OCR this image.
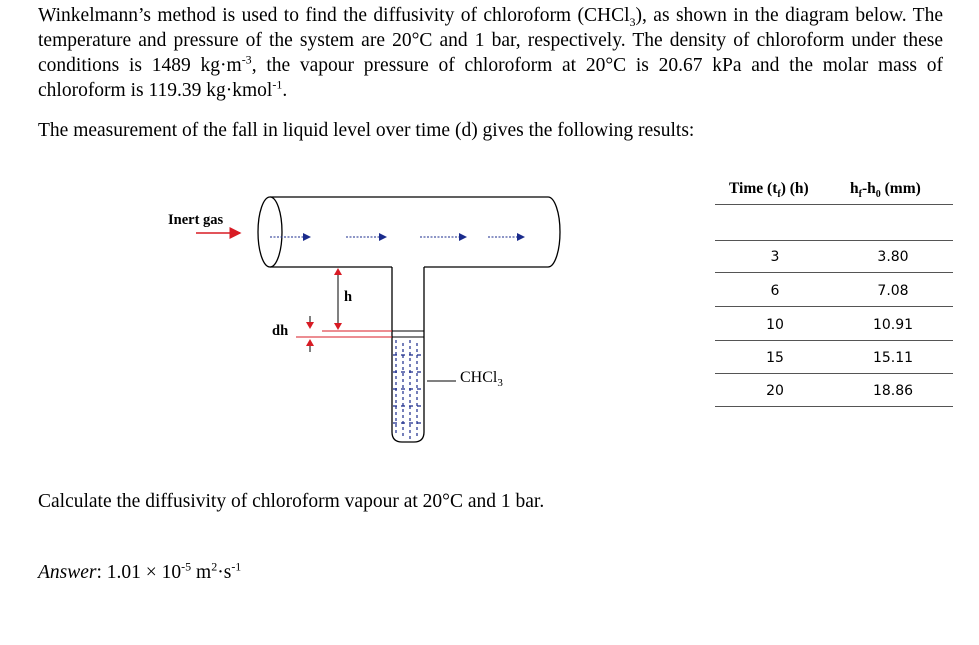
Winkelmann’s method is used to find the diffusivity of chloroform (CHCl$_3$), as shown in the diagram below. The temperature and pressure of the system are 20°C and 1 bar, respectively. The density of chloroform under these conditions is 1489 $kg\cdot m^{-3}$, the vapour pressure of chloroform at 20°C is 20.67 kPa and the molar mass of chloroform is 119.39 kg·kmol$^{-1}$.
The measurement of the fall in liquid level over time (d) gives the following results:
Inert gas
h
dh
CHCl$_3$
Time $(t_f)$ (h)	$h_f-h_0$ (mm)
3	3.80
6	7.08
10	10.91
15	15.11
20	18.86
Calculate the diffusivity of chloroform vapour at 20°C and 1 bar.
Answer: $1.01 \times 10^{-5}$ $m^2\cdot s^{-1}$
